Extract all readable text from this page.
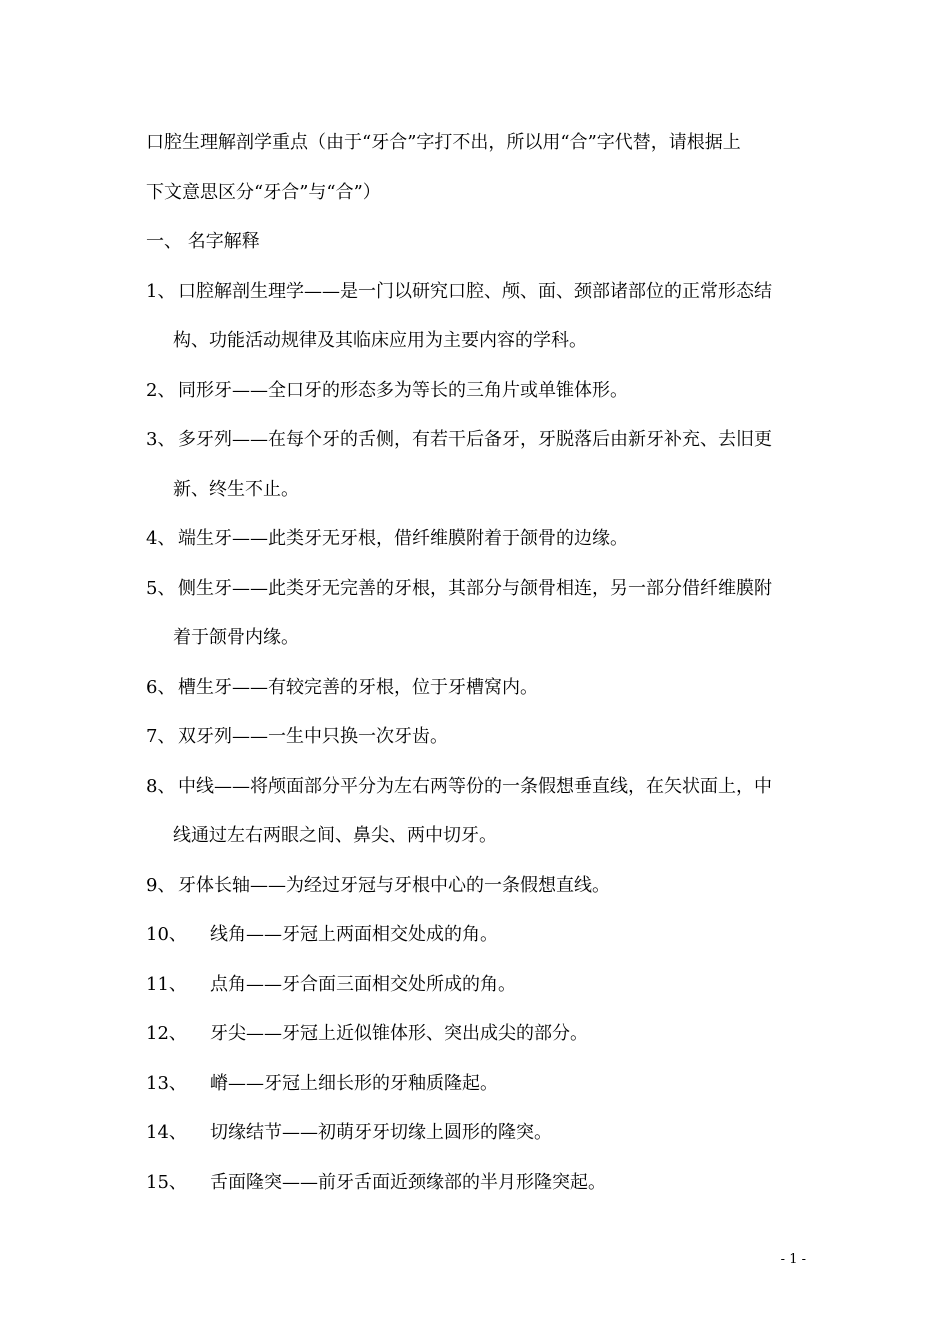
口腔生理解剖学重点（由于“牙合”字打不出，所以用“合”字代替，请根据上

下文意思区分“牙合”与“合”）

一、 名字解释

1、 口腔解剖生理学——是一门以研究口腔、颅、面、颈部诸部位的正常形态结
构、功能活动规律及其临床应用为主要内容的学科。
2、 同形牙——全口牙的形态多为等长的三角片或单锥体形。
3、 多牙列——在每个牙的舌侧，有若干后备牙，牙脱落后由新牙补充、去旧更
新、终生不止。
4、 端生牙——此类牙无牙根，借纤维膜附着于颌骨的边缘。
5、 侧生牙——此类牙无完善的牙根，其部分与颌骨相连，另一部分借纤维膜附
着于颌骨内缘。
6、 槽生牙——有较完善的牙根，位于牙槽窝内。
7、 双牙列——一生中只换一次牙齿。
8、 中线——将颅面部分平分为左右两等份的一条假想垂直线，在矢状面上，中
线通过左右两眼之间、鼻尖、两中切牙。
9、 牙体长轴——为经过牙冠与牙根中心的一条假想直线。
10、	线角——牙冠上两面相交处成的角。
11、	点角——牙合面三面相交处所成的角。
12、	牙尖——牙冠上近似锥体形、突出成尖的部分。
13、	嵴——牙冠上细长形的牙釉质隆起。
14、	切缘结节——初萌牙牙切缘上圆形的隆突。
15、	舌面隆突——前牙舌面近颈缘部的半月形隆突起。
- 1 -
